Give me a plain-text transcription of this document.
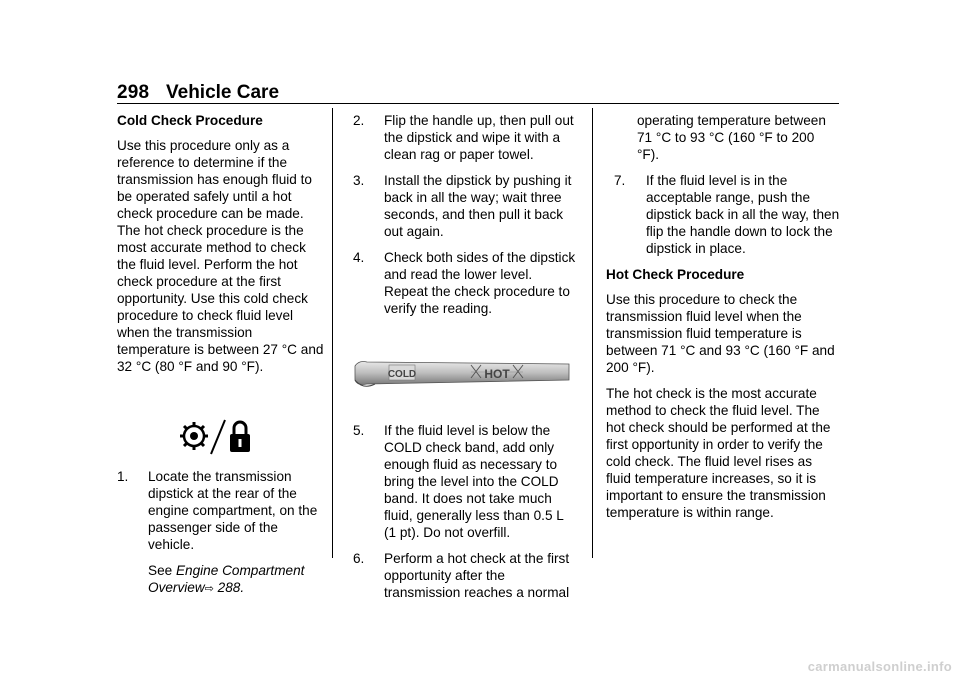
298 Vehicle Care
Cold Check Procedure

Use this procedure only as a reference to determine if the transmission has enough fluid to be operated safely until a hot check procedure can be made. The hot check procedure is the most accurate method to check the fluid level. Perform the hot check procedure at the first opportunity. Use this cold check procedure to check fluid level when the transmission temperature is between 27 °C and 32 °C (80 °F and 90 °F).

1. Locate the transmission dipstick at the rear of the engine compartment, on the passenger side of the vehicle.
See Engine Compartment Overview⇨ 288.
2. Flip the handle up, then pull out the dipstick and wipe it with a clean rag or paper towel.
3. Install the dipstick by pushing it back in all the way; wait three seconds, and then pull it back out again.
4. Check both sides of the dipstick and read the lower level. Repeat the check procedure to verify the reading.
COLD	HOT
5. If the fluid level is below the COLD check band, add only enough fluid as necessary to bring the level into the COLD band. It does not take much fluid, generally less than 0.5 L (1 pt). Do not overfill.
6. Perform a hot check at the first opportunity after the transmission reaches a normal

operating temperature between 71 °C to 93 °C (160 °F to 200 °F).

7. If the fluid level is in the acceptable range, push the dipstick back in all the way, then flip the handle down to lock the dipstick in place.
Hot Check Procedure

Use this procedure to check the transmission fluid level when the transmission fluid temperature is between 71 °C and 93 °C (160 °F and 200 °F).

The hot check is the most accurate method to check the fluid level. The hot check should be performed at the first opportunity in order to verify the cold check. The fluid level rises as fluid temperature increases, so it is important to ensure the transmission temperature is within range.

carmanualsonline.info
